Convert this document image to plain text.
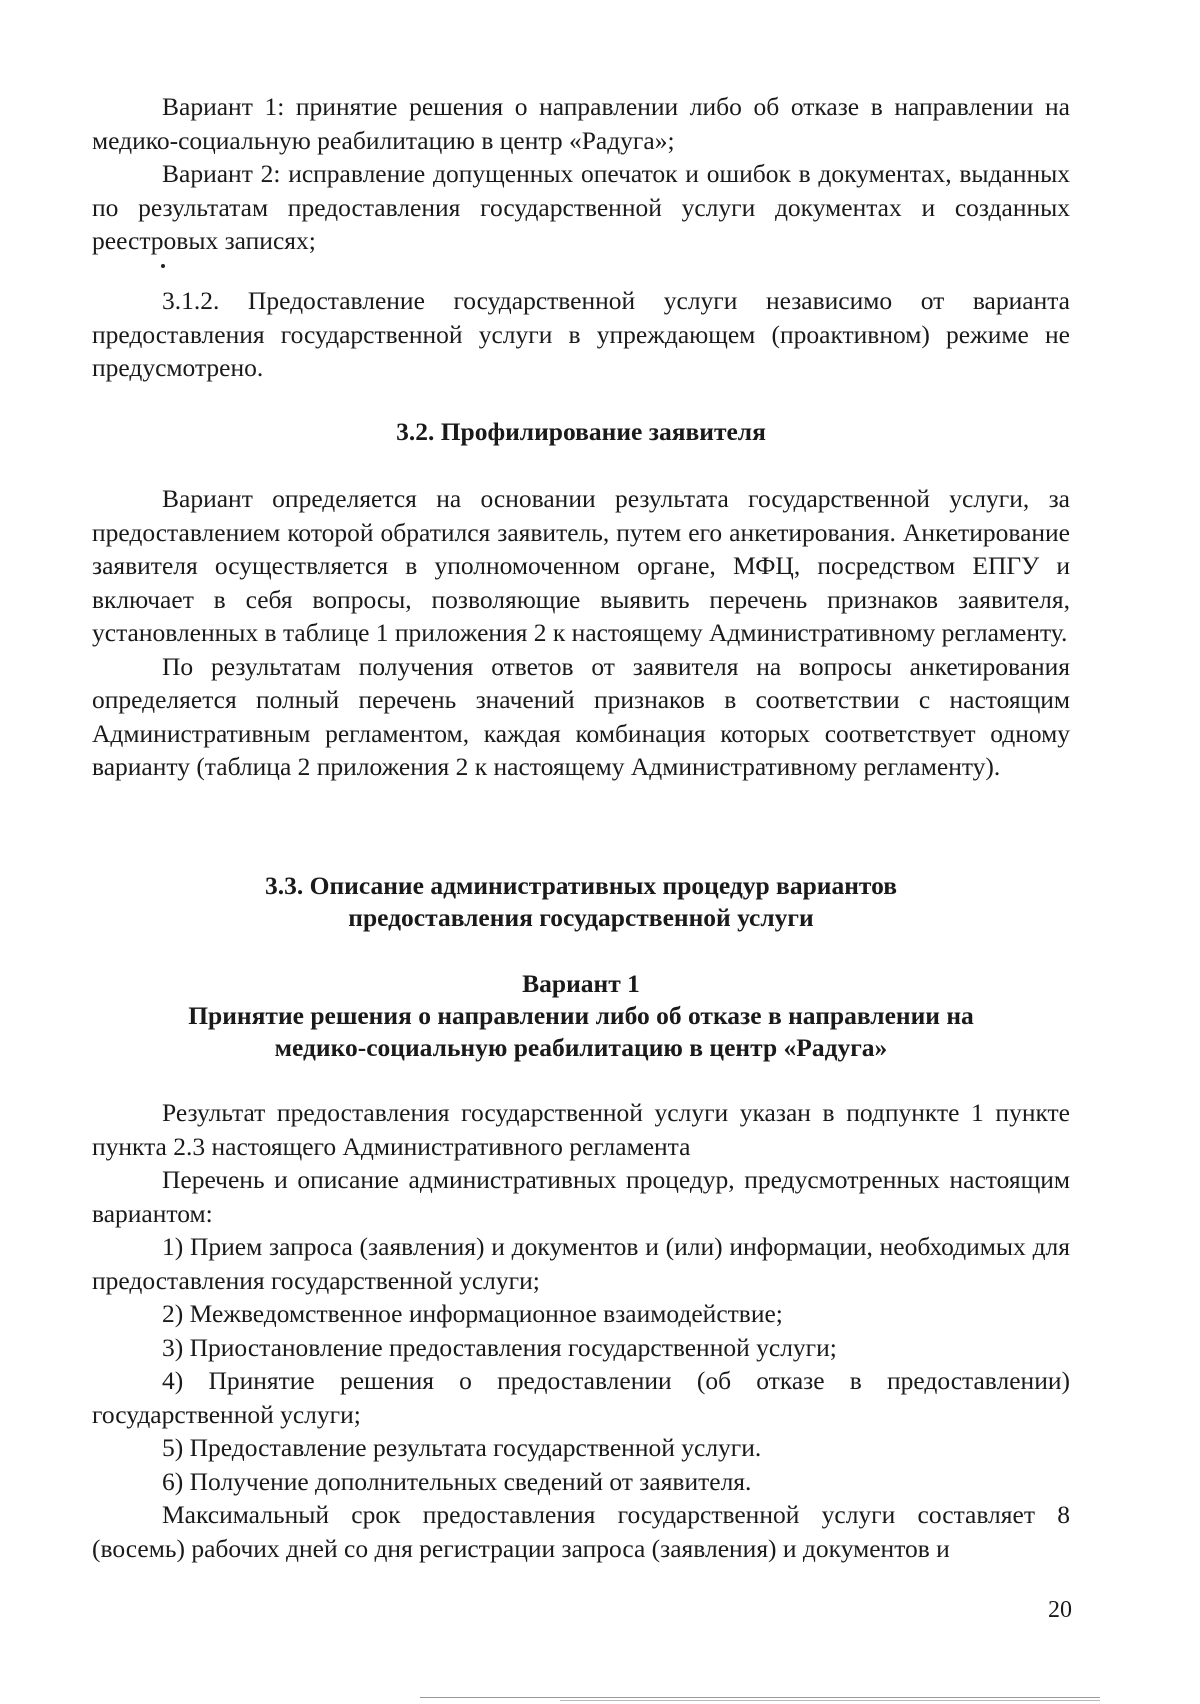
Вариант 1: принятие решения о направлении либо об отказе в направлении на медико-социальную реабилитацию в центр «Радуга»;

Вариант 2: исправление допущенных опечаток и ошибок в документах, выданных по результатам предоставления государственной услуги документах и созданных реестровых записях;

3.1.2. Предоставление государственной услуги независимо от варианта предоставления государственной услуги в упреждающем (проактивном) режиме не предусмотрено.

3.2. Профилирование заявителя

Вариант определяется на основании результата государственной услуги, за предоставлением которой обратился заявитель, путем его анкетирования. Анкетирование заявителя осуществляется в уполномоченном органе, МФЦ, посредством ЕПГУ и включает в себя вопросы, позволяющие выявить перечень признаков заявителя, установленных в таблице 1 приложения 2 к настоящему Административному регламенту.

По результатам получения ответов от заявителя на вопросы анкетирования определяется полный перечень значений признаков в соответствии с настоящим Административным регламентом, каждая комбинация которых соответствует одному варианту (таблица 2 приложения 2 к настоящему Административному регламенту).

3.3. Описание административных процедур вариантов
предоставления государственной услуги
Вариант 1
Принятие решения о направлении либо об отказе в направлении на
медико-социальную реабилитацию в центр «Радуга»

Результат предоставления государственной услуги указан в подпункте 1 пункте пункта 2.3 настоящего Административного регламента

Перечень и описание административных процедур, предусмотренных настоящим вариантом:

1) Прием запроса (заявления) и документов и (или) информации, необходимых для предоставления государственной услуги;

2) Межведомственное информационное взаимодействие;

3) Приостановление предоставления государственной услуги;

4) Принятие решения о предоставлении (об отказе в предоставлении) государственной услуги;

5) Предоставление результата государственной услуги.

6) Получение дополнительных сведений от заявителя.

Максимальный срок предоставления государственной услуги составляет 8 (восемь) рабочих дней со дня регистрации запроса (заявления) и документов и

20
